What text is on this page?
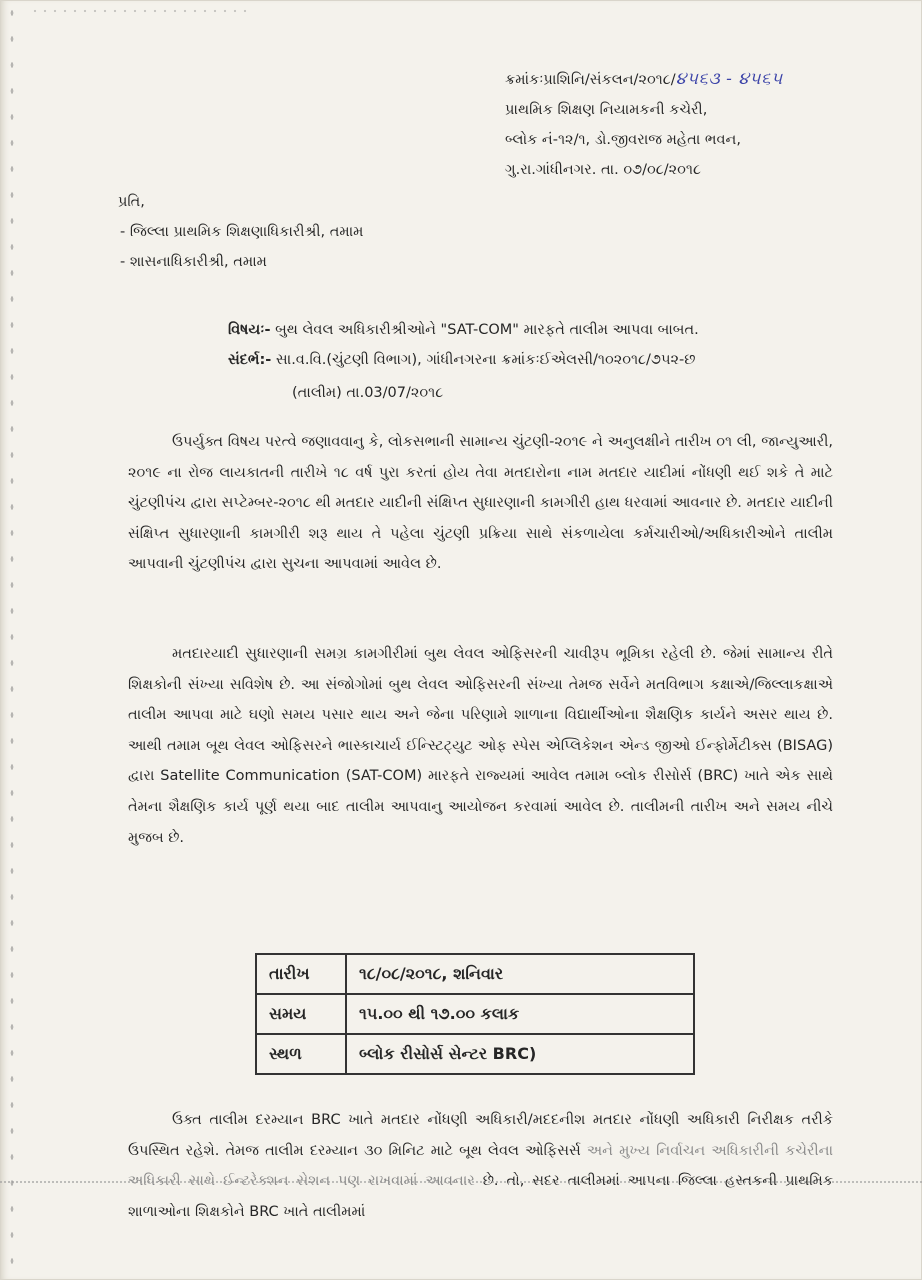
ક્રમાંકઃપ્રાશિનિ/સંકલન/૨૦૧૮/૪૫૬૩ - ૪૫૬૫
પ્રાથમિક શિક્ષણ નિયામકની કચેરી,
બ્લોક નં-૧૨/૧, ડો.જીવરાજ મહેતા ભવન,
ગુ.રા.ગાંધીનગર. તા. ૦૭/૦૮/૨૦૧૮
પ્રતિ,
- જિલ્લા પ્રાથમિક શિક્ષણાધિકારીશ્રી, તમામ
- શાસનાધિકારીશ્રી, તમામ
વિષયઃ- બુથ લેવલ અધિકારીશ્રીઓને "SAT-COM" મારફતે તાલીમ આપવા બાબત.
સંદર્ભ:- સા.વ.વિ.(ચુંટણી વિભાગ), ગાંધીનગરના ક્રમાંકઃઈએલસી/૧૦૨૦૧૮/૭૫૨-છ
(તાલીમ) તા.03/07/૨૦૧૮
ઉપર્યુક્ત વિષય પરત્વે જણાવવાનુ કે, લોકસભાની સામાન્ય ચુંટણી-૨૦૧૯ ને અનુલક્ષીને તારીખ ૦૧ લી, જાન્યુઆરી, ૨૦૧૯ ના રોજ લાયકાતની તારીખે ૧૮ વર્ષ પુરા કરતાં હોય તેવા મતદારોના નામ મતદાર યાદીમાં નોંધણી થઈ શકે તે માટે ચુંટણીપંચ દ્વારા સપ્ટેમ્બર-૨૦૧૮ થી મતદાર યાદીની સંક્ષિપ્ત સુધારણાની કામગીરી હાથ ધરવામાં આવનાર છે. મતદાર યાદીની સંક્ષિપ્ત સુધારણાની કામગીરી શરૂ થાય તે પહેલા ચુંટણી પ્રક્રિયા સાથે સંકળાયેલા કર્મચારીઓ/અધિકારીઓને તાલીમ આપવાની ચુંટણીપંચ દ્વારા સુચના આપવામાં આવેલ છે.
મતદારયાદી સુધારણાની સમગ્ર કામગીરીમાં બુથ લેવલ ઓફિસરની ચાવીરૂપ ભૂમિકા રહેલી છે. જેમાં સામાન્ય રીતે શિક્ષકોની સંખ્યા સવિશેષ છે. આ સંજોગોમાં બુથ લેવલ ઓફિસરની સંખ્યા તેમજ સર્વેને મતવિભાગ કક્ષાએ/જિલ્લાકક્ષાએ તાલીમ આપવા માટે ઘણો સમય પસાર થાય અને જેના પરિણામે શાળાના વિદ્યાર્થીઓના શૈક્ષણિક કાર્યને અસર થાય છે. આથી તમામ બૂથ લેવલ ઓફિસરને ભાસ્કાચાર્ય ઈન્સ્ટિટ્યુટ ઓફ સ્પેસ એપ્લિકેશન એન્ડ જીઓ ઈન્ફોર્મેટીક્સ (BISAG) દ્વારા Satellite Communication (SAT-COM) મારફતે રાજ્યમાં આવેલ તમામ બ્લોક રીસોર્સ (BRC) ખાતે એક સાથે તેમના શૈક્ષણિક કાર્ય પૂર્ણ થયા બાદ તાલીમ આપવાનુ આયોજન કરવામાં આવેલ છે. તાલીમની તારીખ અને સમય નીચે મુજબ છે.
તારીખ	૧૮/૦૮/૨૦૧૮, શનિવાર
સમય	૧૫.૦૦ થી ૧૭.૦૦ કલાક
સ્થળ	બ્લોક રીસોર્સ સેન્ટર BRC)
ઉક્ત તાલીમ દરમ્યાન BRC ખાતે મતદાર નોંધણી અધિકારી/મદદનીશ મતદાર નોંધણી અધિકારી નિરીક્ષક તરીકે ઉપસ્થિત રહેશે. તેમજ તાલીમ દરમ્યાન ૩૦ મિનિટ માટે બૂથ લેવલ ઓફિસર્સ અને મુખ્ય નિર્વાચન અધિકારીની કચેરીના અધિકારી સાથે ઈન્ટરેક્શન સેશન પણ રાખવામાં આવનાર છે. તો, સદર તાલીમમાં આપના જિલ્લા હસ્તકની પ્રાથમિક શાળાઓના શિક્ષકોને BRC ખાતે તાલીમમાં
